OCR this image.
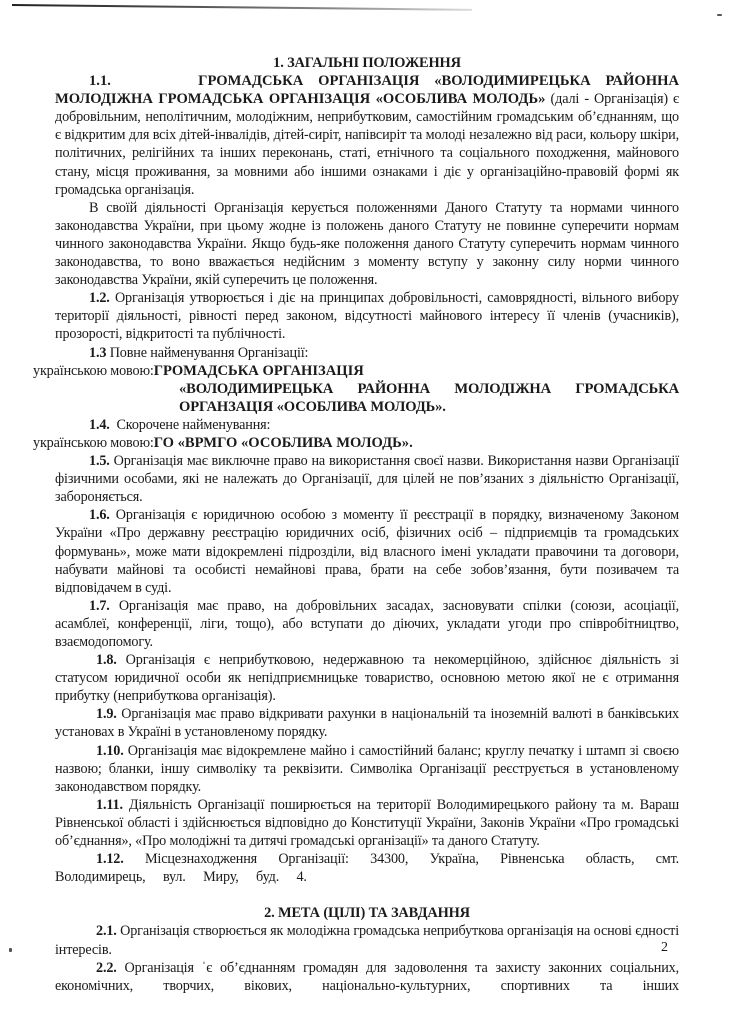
1. ЗАГАЛЬНІ ПОЛОЖЕННЯ

1.1.	ГРОМАДСЬКА ОРГАНІЗАЦІЯ «ВОЛОДИМИРЕЦЬКА РАЙОННА МОЛОДІЖНА ГРОМАДСЬКА ОРГАНІЗАЦІЯ «ОСОБЛИВА МОЛОДЬ» (далі - Організація) є добровільним, неполітичним, молодіжним, неприбутковим, самостійним громадським об’єднанням, що є відкритим для всіх дітей-інвалідів, дітей-сиріт, напівсиріт та молоді незалежно від раси, кольору шкіри, політичних, релігійних та інших переконань, статі, етнічного та соціального походження, майнового стану, місця проживання, за мовними або іншими ознаками і діє у організаційно-правовій формі як громадська організація.

В своїй діяльності Організація керується положеннями Даного Статуту та нормами чинного законодавства України, при цьому жодне із положень даного Статуту не повинне суперечити нормам чинного законодавства України. Якщо будь-яке положення даного Статуту суперечить нормам чинного законодавства, то воно вважається недійсним з моменту вступу у законну силу норми чинного законодавства України, якій суперечить це положення.

1.2. Організація утворюється і діє на принципах добровільності, самоврядності, вільного вибору території діяльності, рівності перед законом, відсутності майнового інтересу її членів (учасників), прозорості, відкритості та публічності.

1.3 Повне найменування Організації:

українською мовою: ГРОМАДСЬКА ОРГАНІЗАЦІЯ

«ВОЛОДИМИРЕЦЬКА РАЙОННА МОЛОДІЖНА ГРОМАДСЬКА ОРГАНЗАЦІЯ «ОСОБЛИВА МОЛОДЬ».

1.4.  Скорочене найменування:

українською мовою: ГО «ВРМГО «ОСОБЛИВА МОЛОДЬ».

1.5. Організація має виключне право на використання своєї назви. Використання назви Організації фізичними особами, які не належать до Організації, для цілей не пов’язаних з діяльністю Організації, забороняється.

1.6. Організація є юридичною особою з моменту її реєстрації в порядку, визначеному Законом України «Про державну реєстрацію юридичних осіб, фізичних осіб – підприємців та громадських формувань», може мати відокремлені підрозділи, від власного імені укладати правочини та договори, набувати майнові та особисті немайнові права, брати на себе зобов’язання, бути позивачем та відповідачем в суді.

1.7. Організація має право, на добровільних засадах, засновувати спілки (союзи, асоціації, асамблеї, конференції, ліги, тощо), або вступати до діючих, укладати угоди про співробітництво, взаємодопомогу.

1.8. Організація є неприбутковою, недержавною та некомерційною, здійснює діяльність зі статусом юридичної особи як непідприємницьке товариство, основною метою якої не є отримання прибутку (неприбуткова організація).

1.9. Організація має право відкривати рахунки в національній та іноземній валюті в банківських установах в Україні в установленому порядку.

1.10. Організація має відокремлене майно і самостійний баланс; круглу печатку і штамп зі своєю назвою; бланки, іншу символіку та реквізити. Символіка Організації реєструється в установленому законодавством порядку.

1.11. Діяльність Організації поширюється на території Володимирецького району та м. Вараш Рівненської області і здійснюється відповідно до Конституції України, Законів України «Про громадські об’єднання», «Про молодіжні та дитячі громадські організації» та даного Статуту.

1.12. Місцезнаходження Організації: 34300, Україна, Рівненська область, смт. Володимирець, вул. Миру, буд. 4.

2. МЕТА (ЦІЛІ) ТА ЗАВДАННЯ

2.1. Організація створюється як молодіжна громадська неприбуткова організація на основі єдності інтересів.

2.2. Організація ˈє об’єднанням громадян для задоволення та захисту законних соціальних, економічних, творчих, вікових, національно-культурних, спортивних та інших

2
